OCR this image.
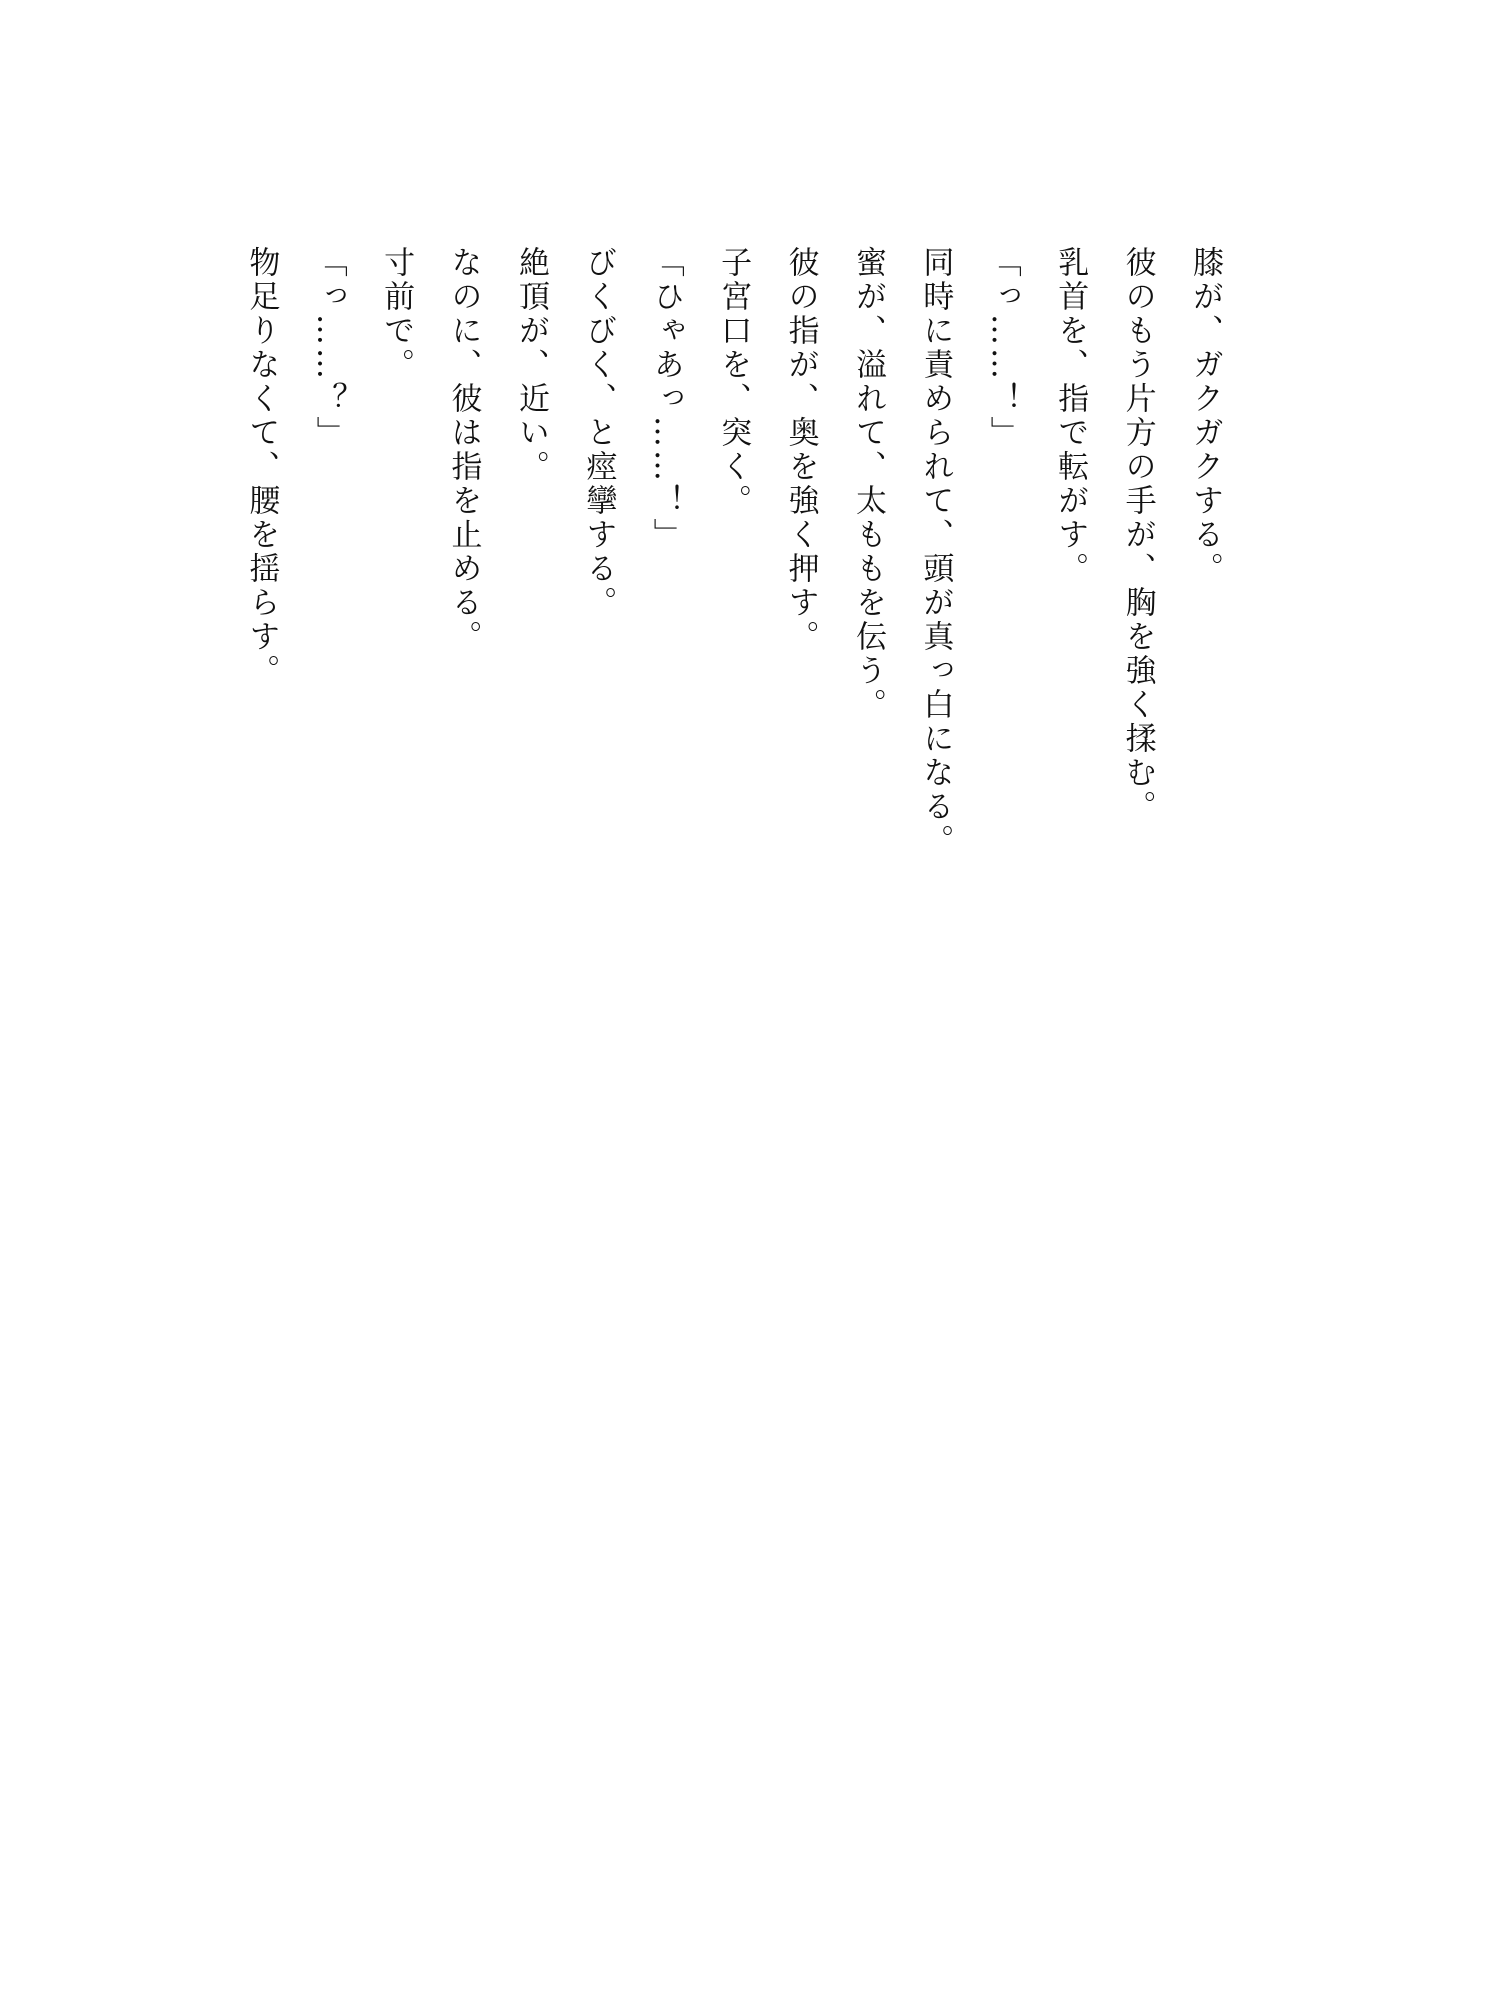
膝が、ガクガクする。

彼のもう片方の手が、胸を強く揉む。

乳首を、指で転がす。

「っ……！」

同時に責められて、頭が真っ白になる。

蜜が、溢れて、太ももを伝う。

彼の指が、奥を強く押す。

子宮口を、突く。

「ひゃあっ……！」

びくびく、と痙攣する。

絶頂が、近い。

なのに、彼は指を止める。

寸前で。

「っ……？」

物足りなくて、腰を揺らす。
